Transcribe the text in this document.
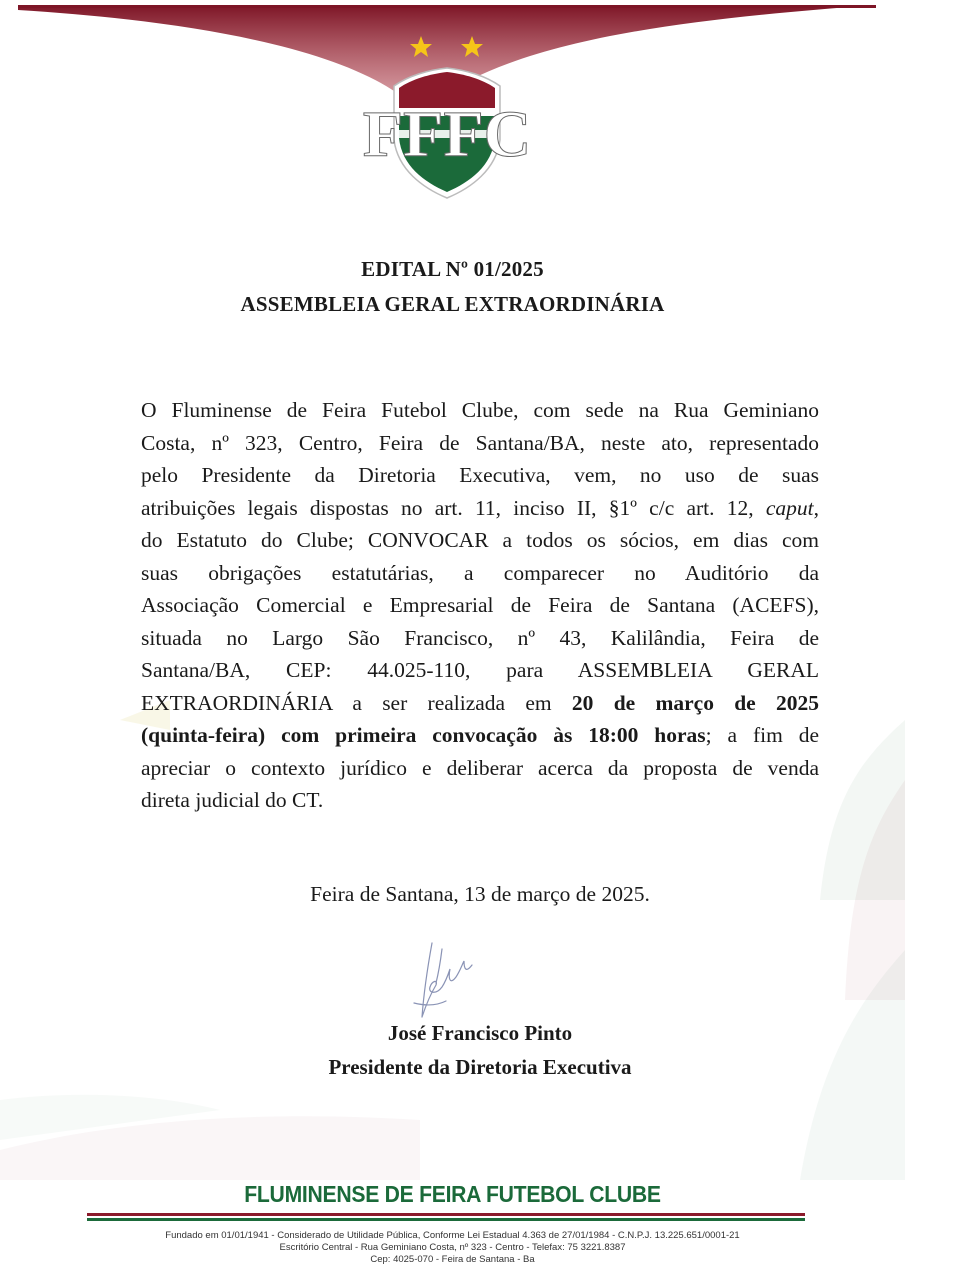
FFFC
EDITAL Nº 01/2025
ASSEMBLEIA GERAL EXTRAORDINÁRIA
O Fluminense de Feira Futebol Clube, com sede na Rua Geminiano
Costa, nº 323, Centro, Feira de Santana/BA, neste ato, representado
pelo Presidente da Diretoria Executiva, vem, no uso de suas
atribuições legais dispostas no art. 11, inciso II, §1º c/c art. 12, caput,
do Estatuto do Clube; CONVOCAR a todos os sócios, em dias com
suas obrigações estatutárias, a comparecer no Auditório da
Associação Comercial e Empresarial de Feira de Santana (ACEFS),
situada no Largo São Francisco, nº 43, Kalilândia, Feira de
Santana/BA, CEP: 44.025-110, para ASSEMBLEIA GERAL
EXTRAORDINÁRIA a ser realizada em 20 de março de 2025
(quinta-feira) com primeira convocação às 18:00 horas; a fim de
apreciar o contexto jurídico e deliberar acerca da proposta de venda
direta judicial do CT.
Feira de Santana, 13 de março de 2025.
José Francisco Pinto
Presidente da Diretoria Executiva
FLUMINENSE DE FEIRA FUTEBOL CLUBE
Fundado em 01/01/1941 - Considerado de Utilidade Pública, Conforme Lei Estadual 4.363 de 27/01/1984 - C.N.P.J. 13.225.651/0001-21
Escritório Central - Rua Geminiano Costa, nº 323 - Centro - Telefax: 75 3221.8387
Cep: 4025-070 - Feira de Santana - Ba
